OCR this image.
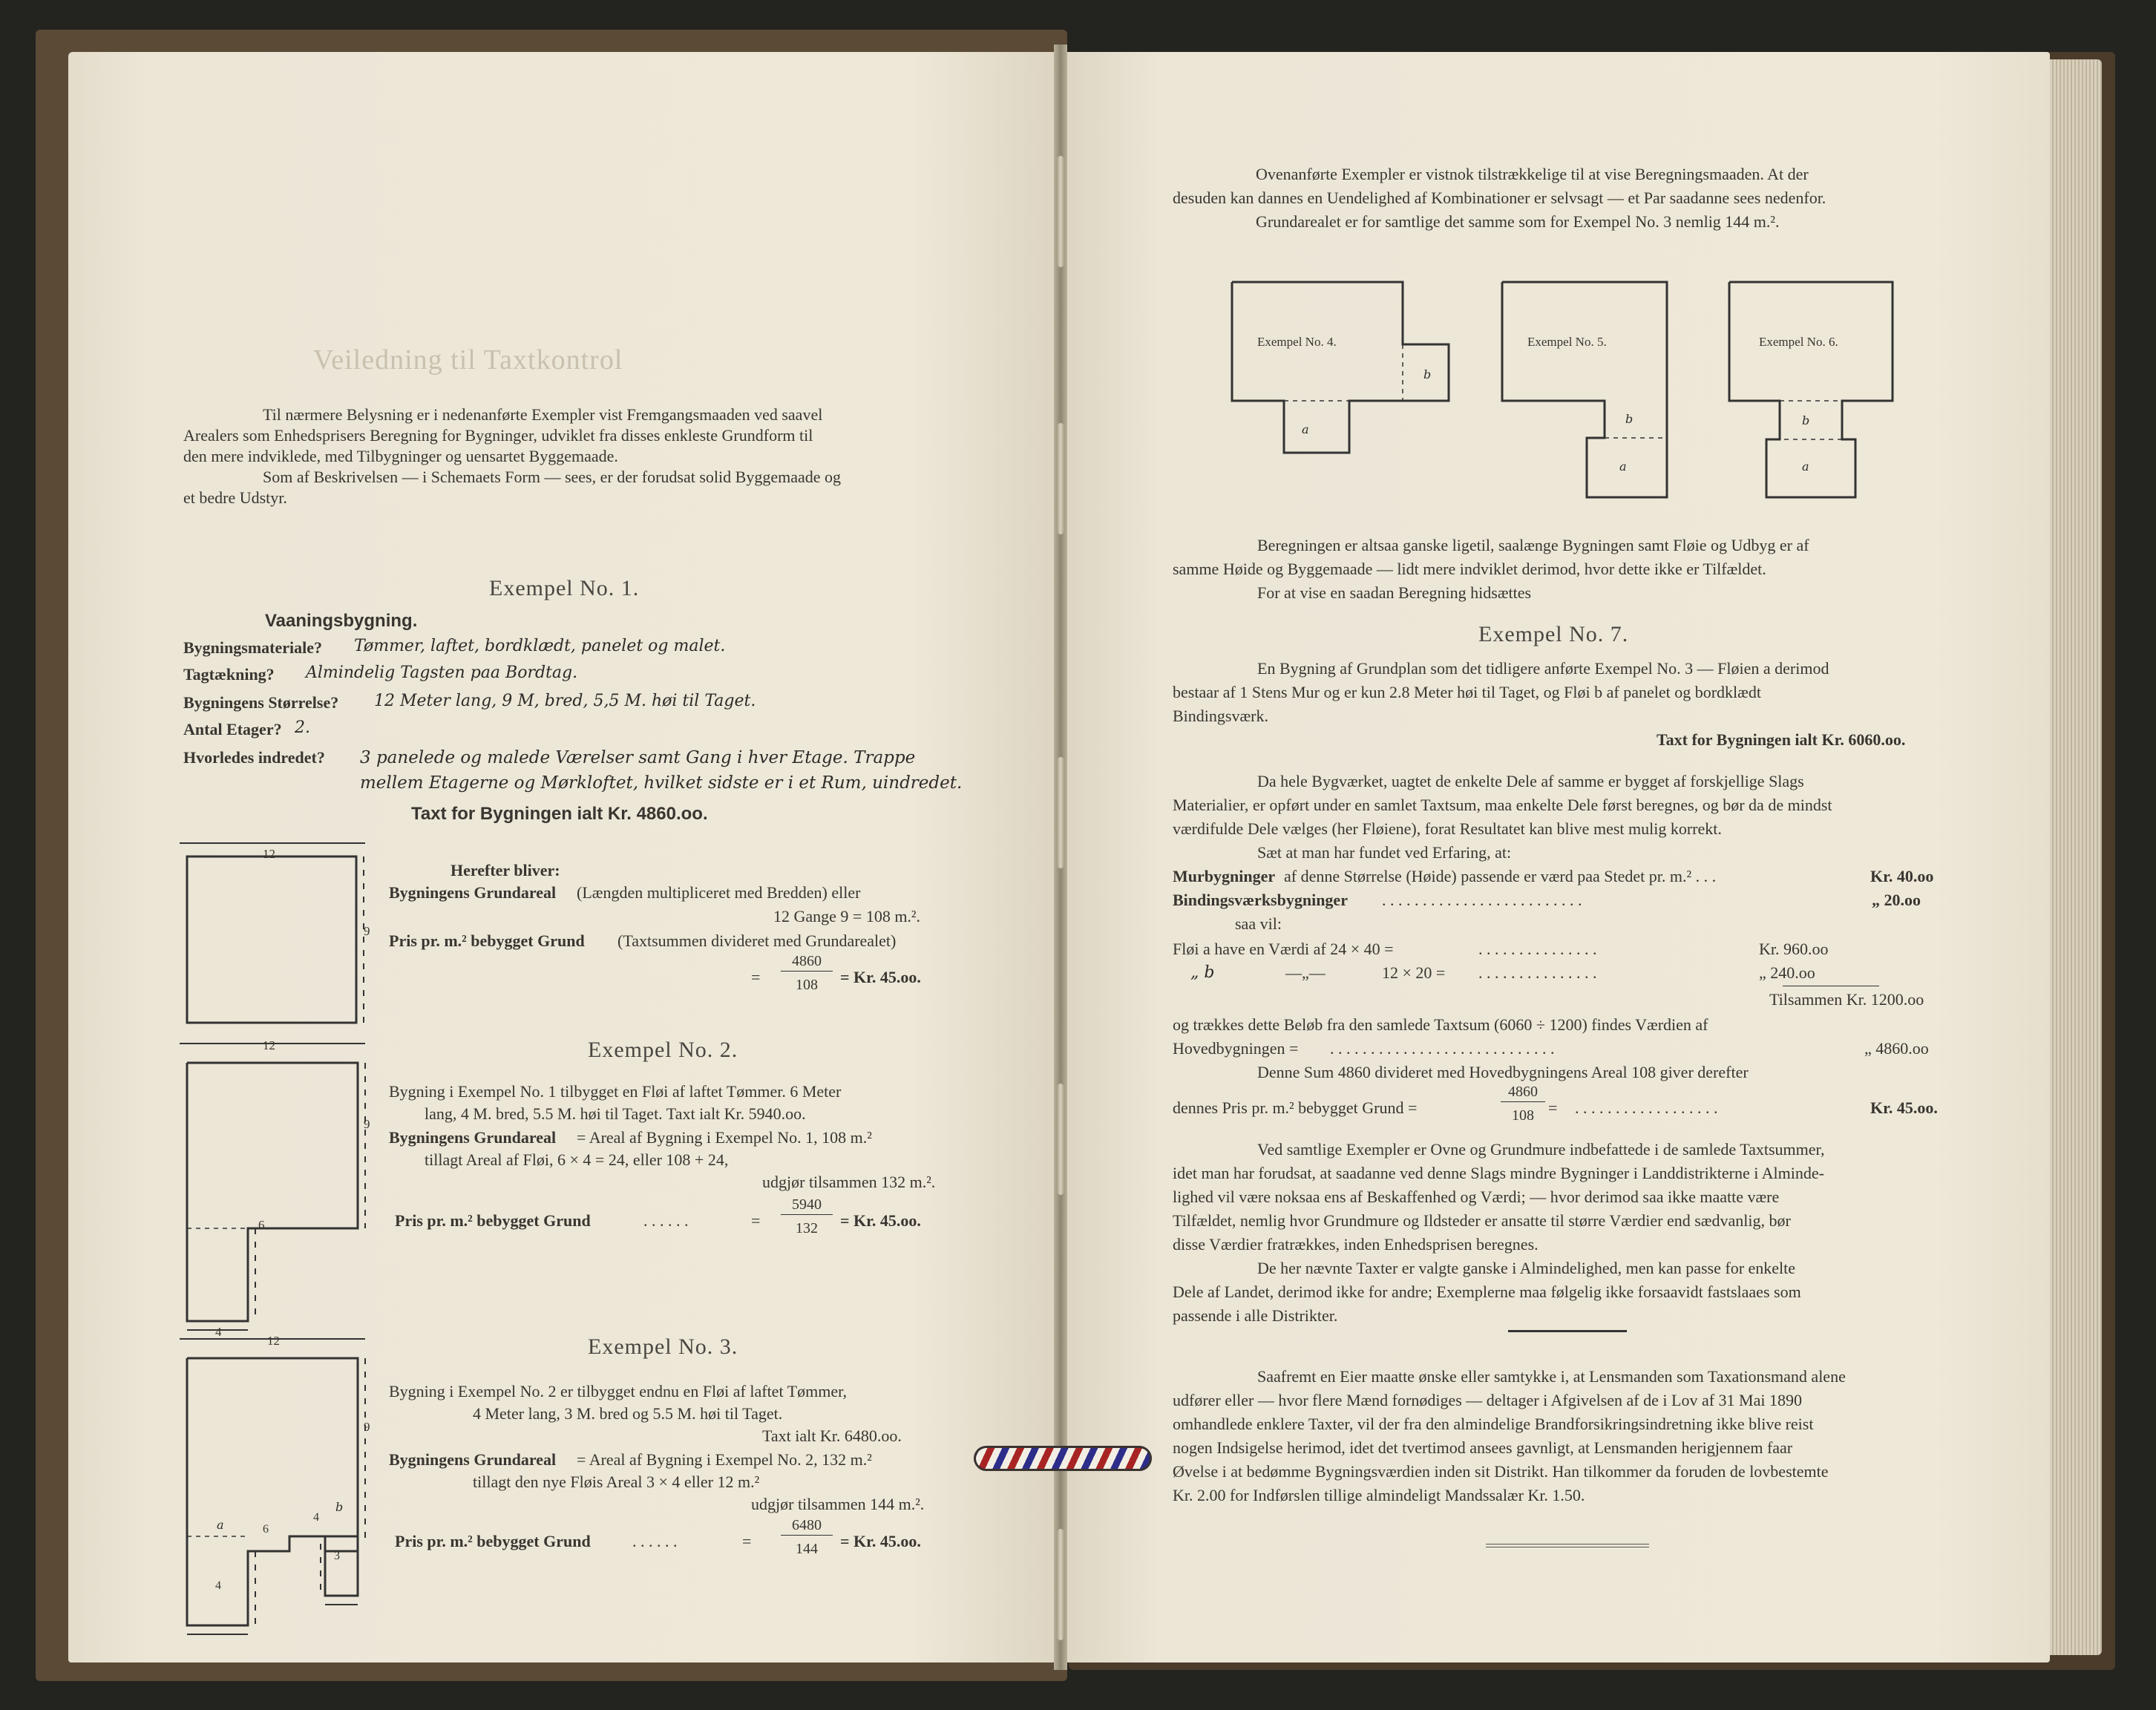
Veiledning til Taxtkontrol
Til nærmere Belysning er i nedenanførte Exempler vist Fremgangsmaaden ved saavel
Arealers som Enhedsprisers Beregning for Bygninger, udviklet fra disses enkleste Grundform til
den mere indviklede, med Tilbygninger og uensartet Byggemaade.
Som af Beskrivelsen — i Schemaets Form — sees, er der forudsat solid Byggemaade og
et bedre Udstyr.
Exempel No. 1.
Vaaningsbygning.
Bygningsmateriale? Tømmer, laftet, bordklædt, panelet og malet.
Tagtækning? Almindelig Tagsten paa Bordtag.
Bygningens Størrelse? 12 Meter lang, 9 M, bred, 5,5 M. høi til Taget.
Antal Etager? 2.
Hvorledes indredet? 3 panelede og malede Værelser samt Gang i hver Etage. Trappe
mellem Etagerne og Mørkloftet, hvilket sidste er i et Rum, uindredet.
Taxt for Bygningen ialt Kr. 4860.oo.
12
9
Herefter bliver:
Bygningens Grundareal (Længden multipliceret med Bredden) eller
12 Gange 9 = 108 m.².
Pris pr. m.² bebygget Grund (Taxtsummen divideret med Grundarealet)
=
4860
108	= Kr. 45.oo.
Exempel No. 2.
12
9
6
4
Bygning i Exempel No. 1 tilbygget en Fløi af laftet Tømmer. 6 Meter
lang, 4 M. bred, 5.5 M. høi til Taget. Taxt ialt Kr. 5940.oo.
Bygningens Grundareal = Areal af Bygning i Exempel No. 1, 108 m.²
tillagt Areal af Fløi, 6 × 4 = 24, eller 108 + 24,
udgjør tilsammen 132 m.².
Pris pr. m.² bebygget Grund	. . . . . .	=
5940
132	= Kr. 45.oo.
Exempel No. 3.
12
9
a	6
4
b
3
4
Bygning i Exempel No. 2 er tilbygget endnu en Fløi af laftet Tømmer,
4 Meter lang, 3 M. bred og 5.5 M. høi til Taget.
Taxt ialt Kr. 6480.oo.
Bygningens Grundareal = Areal af Bygning i Exempel No. 2, 132 m.²
tillagt den nye Fløis Areal 3 × 4 eller 12 m.²
udgjør tilsammen 144 m.².
Pris pr. m.² bebygget Grund	. . . . . .	=
6480
144	= Kr. 45.oo.
Ovenanførte Exempler er vistnok tilstrækkelige til at vise Beregningsmaaden. At der
desuden kan dannes en Uendelighed af Kombinationer er selvsagt — et Par saadanne sees nedenfor.
Grundarealet er for samtlige det samme som for Exempel No. 3 nemlig 144 m.².
Exempel No. 4.
b
a
Exempel No. 5.
b
a
Exempel No. 6.
b
a
Beregningen er altsaa ganske ligetil, saalænge Bygningen samt Fløie og Udbyg er af
samme Høide og Byggemaade — lidt mere indviklet derimod, hvor dette ikke er Tilfældet.
For at vise en saadan Beregning hidsættes
Exempel No. 7.
En Bygning af Grundplan som det tidligere anførte Exempel No. 3 — Fløien a derimod
bestaar af 1 Stens Mur og er kun 2.8 Meter høi til Taget, og Fløi b af panelet og bordklædt
Bindingsværk.
Taxt for Bygningen ialt Kr. 6060.oo.
Da hele Bygværket, uagtet de enkelte Dele af samme er bygget af forskjellige Slags
Materialier, er opført under en samlet Taxtsum, maa enkelte Dele først beregnes, og bør da de mindst
værdifulde Dele vælges (her Fløiene), forat Resultatet kan blive mest mulig korrekt.
Sæt at man har fundet ved Erfaring, at:
Murbygninger af denne Størrelse (Høide) passende er værd paa Stedet pr. m.² . . .	Kr. 40.oo
Bindingsværksbygninger . . . . . . . . . . . . . . . . . . . . . . . . .	„ 20.oo
saa vil:
Fløi a have en Værdi af 24 × 40 =	. . . . . . . . . . . . . . .	Kr. 960.oo
„ b	—„—	12 × 20 = . . . . . . . . . . . . . . .	„ 240.oo
Tilsammen Kr. 1200.oo
og trækkes dette Beløb fra den samlede Taxtsum (6060 ÷ 1200) findes Værdien af
Hovedbygningen = . . . . . . . . . . . . . . . . . . . . . . . . . . . .	„ 4860.oo
Denne Sum 4860 divideret med Hovedbygningens Areal 108 giver derefter
dennes Pris pr. m.² bebygget Grund =
4860
108 = . . . . . . . . . . . . . . . . . .	Kr. 45.oo.
Ved samtlige Exempler er Ovne og Grundmure indbefattede i de samlede Taxtsummer,
idet man har forudsat, at saadanne ved denne Slags mindre Bygninger i Landdistrikterne i Alminde-
lighed vil være noksaa ens af Beskaffenhed og Værdi; — hvor derimod saa ikke maatte være
Tilfældet, nemlig hvor Grundmure og Ildsteder er ansatte til større Værdier end sædvanlig, bør
disse Værdier fratrækkes, inden Enhedsprisen beregnes.
De her nævnte Taxter er valgte ganske i Almindelighed, men kan passe for enkelte
Dele af Landet, derimod ikke for andre; Exemplerne maa følgelig ikke forsaavidt fastslaaes som
passende i alle Distrikter.
Saafremt en Eier maatte ønske eller samtykke i, at Lensmanden som Taxationsmand alene
udfører eller — hvor flere Mænd fornødiges — deltager i Afgivelsen af de i Lov af 31 Mai 1890
omhandlede enklere Taxter, vil der fra den almindelige Brandforsikringsindretning ikke blive reist
nogen Indsigelse herimod, idet det tvertimod ansees gavnligt, at Lensmanden herigjennem faar
Øvelse i at bedømme Bygningsværdien inden sit Distrikt. Han tilkommer da foruden de lovbestemte
Kr. 2.00 for Indførslen tillige almindeligt Mandssalær Kr. 1.50.
